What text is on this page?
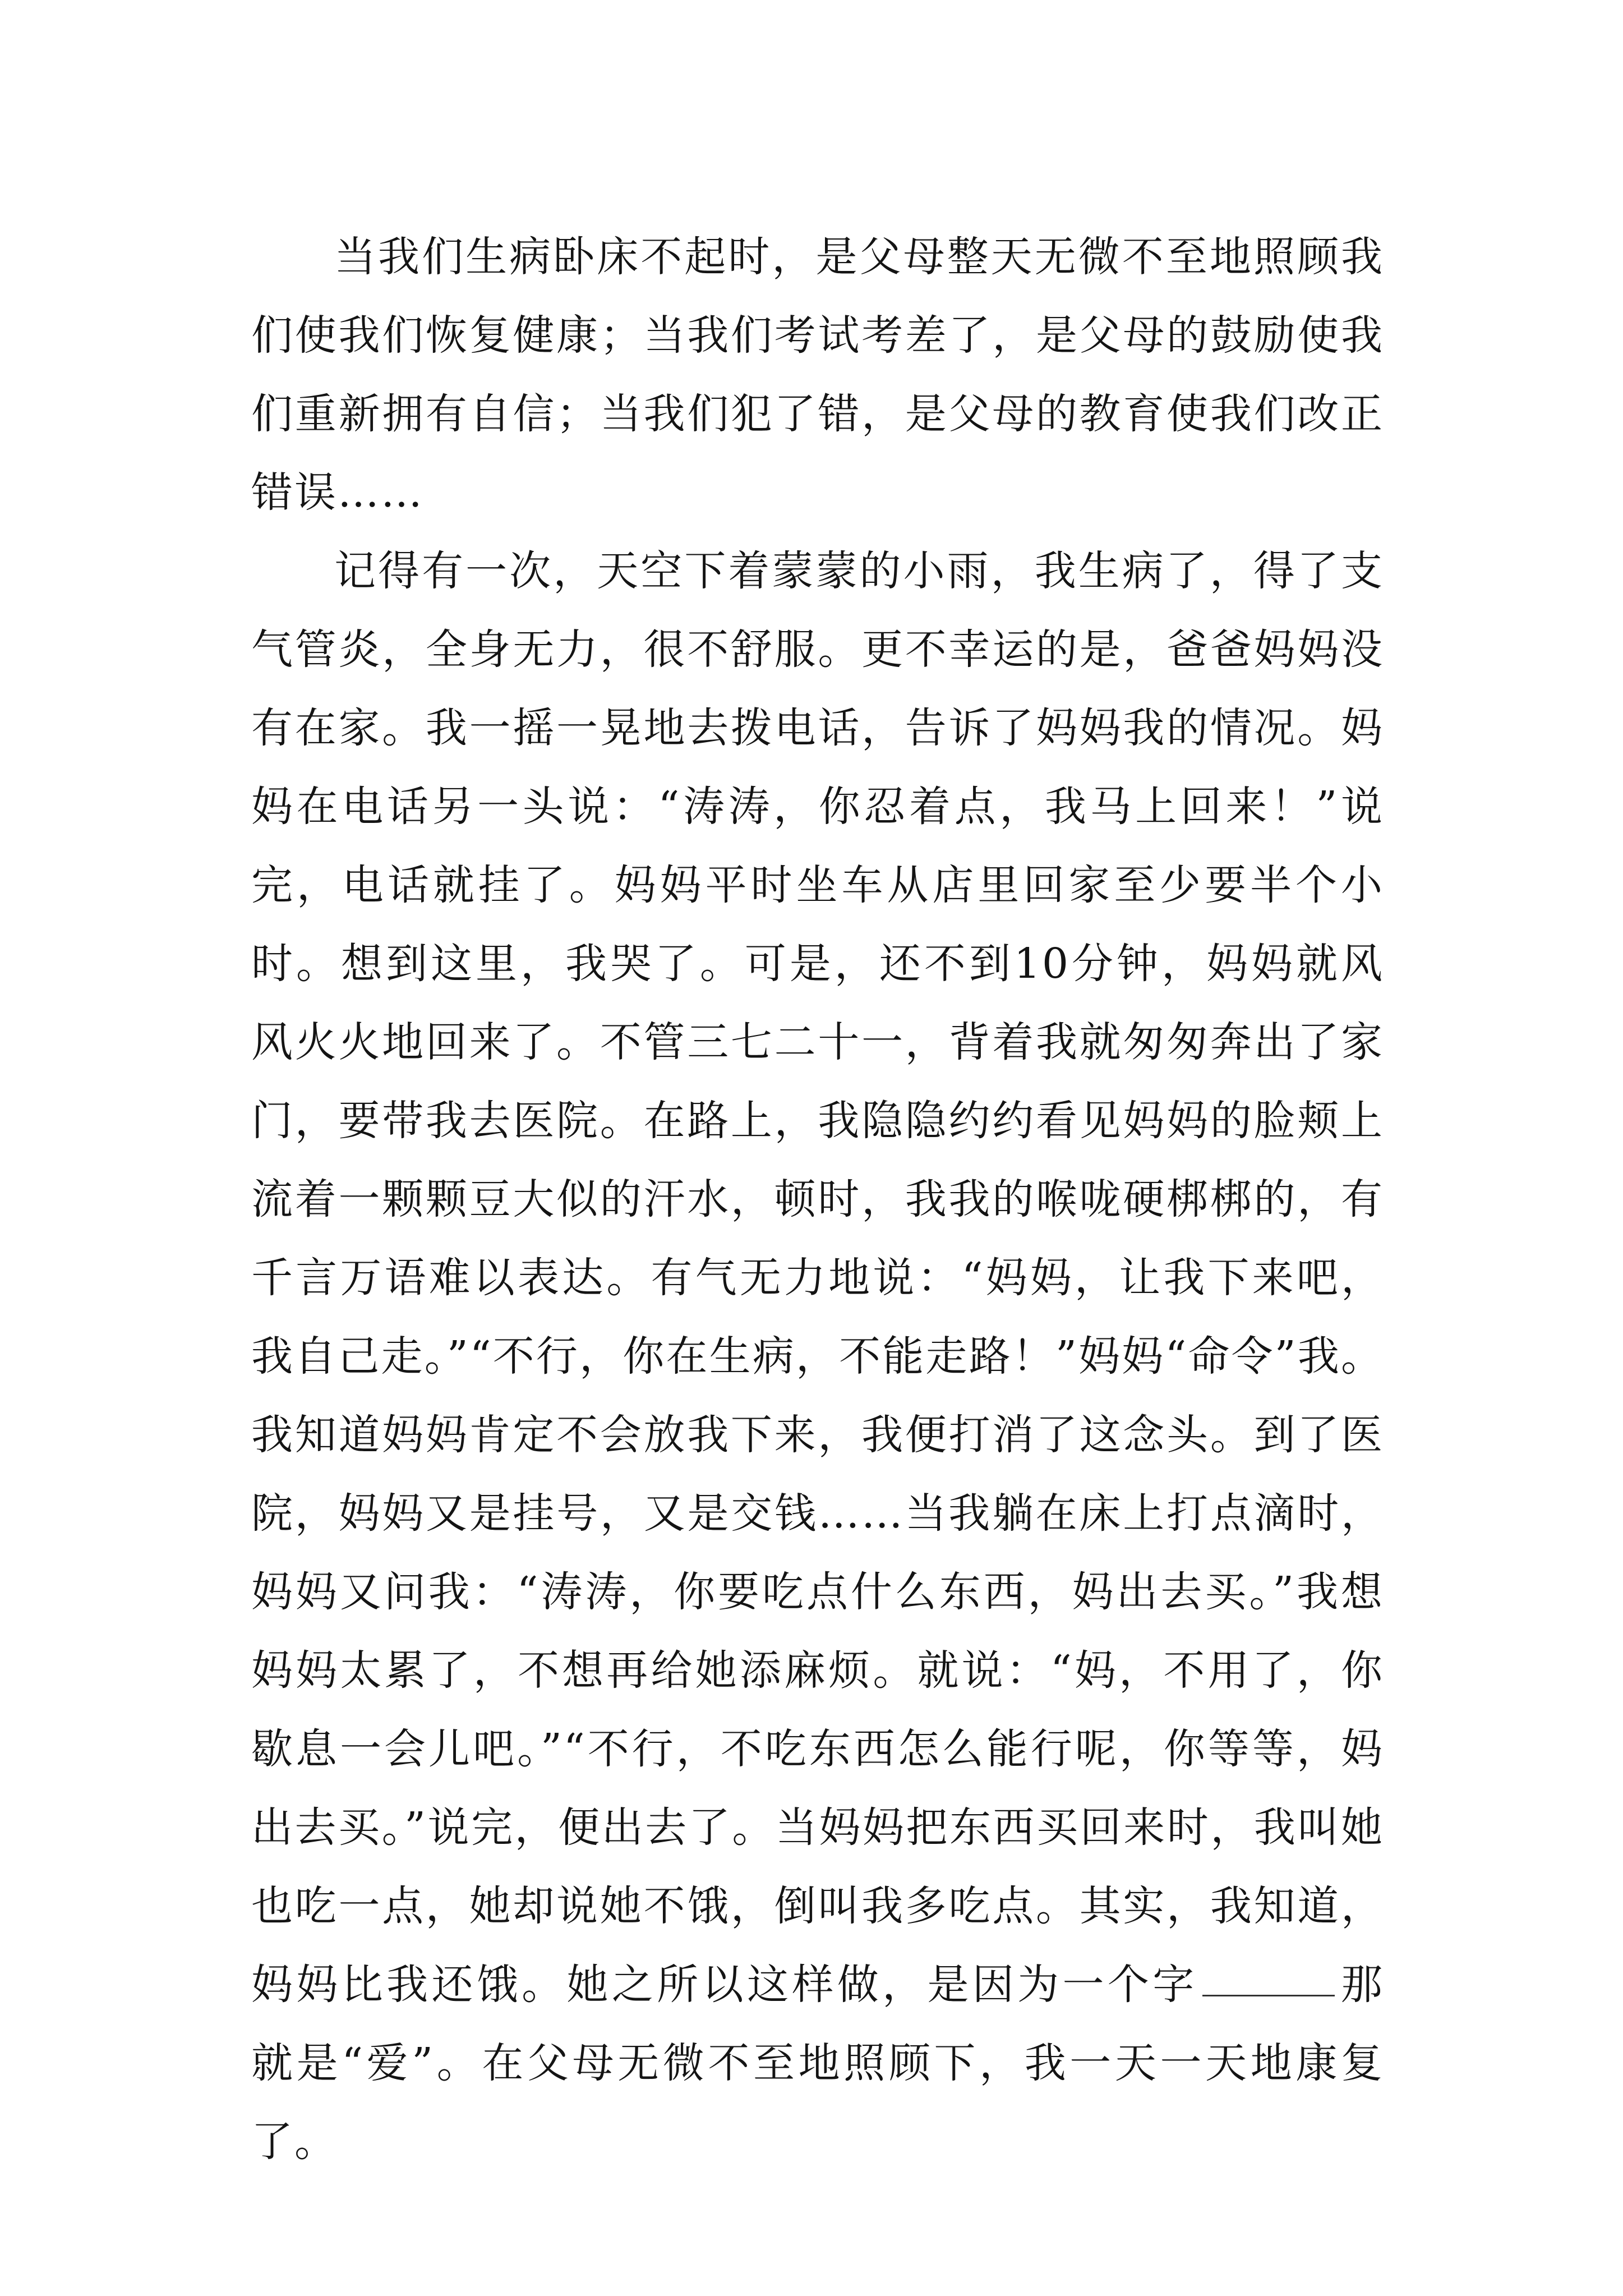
当我们生病卧床不起时，是父母整天无微不至地照顾我们使我们恢复健康；当我们考试考差了，是父母的鼓励使我们重新拥有自信；当我们犯了错，是父母的教育使我们改正错误……

记得有一次，天空下着蒙蒙的小雨，我生病了，得了支气管炎，全身无力，很不舒服。更不幸运的是，爸爸妈妈没有在家。我一摇一晃地去拨电话，告诉了妈妈我的情况。妈妈在电话另一头说：“涛涛，你忍着点，我马上回来！”说完，电话就挂了。妈妈平时坐车从店里回家至少要半个小时。想到这里，我哭了。可是，还不到10分钟，妈妈就风风火火地回来了。不管三七二十一，背着我就匆匆奔出了家门，要带我去医院。在路上，我隐隐约约看见妈妈的脸颊上流着一颗颗豆大似的汗水，顿时，我我的喉咙硬梆梆的，有千言万语难以表达。有气无力地说：“妈妈，让我下来吧，我自己走。”“不行，你在生病，不能走路！”妈妈“命令”我。我知道妈妈肯定不会放我下来，我便打消了这念头。到了医院，妈妈又是挂号，又是交钱……当我躺在床上打点滴时，妈妈又问我：“涛涛，你要吃点什么东西，妈出去买。”我想妈妈太累了，不想再给她添麻烦。就说：“妈，不用了，你歇息一会儿吧。”“不行，不吃东西怎么能行呢，你等等，妈出去买。”说完，便出去了。当妈妈把东西买回来时，我叫她也吃一点，她却说她不饿，倒叫我多吃点。其实，我知道，妈妈比我还饿。她之所以这样做，是因为一个字	那就是“爱”。在父母无微不至地照顾下，我一天一天地康复了。
